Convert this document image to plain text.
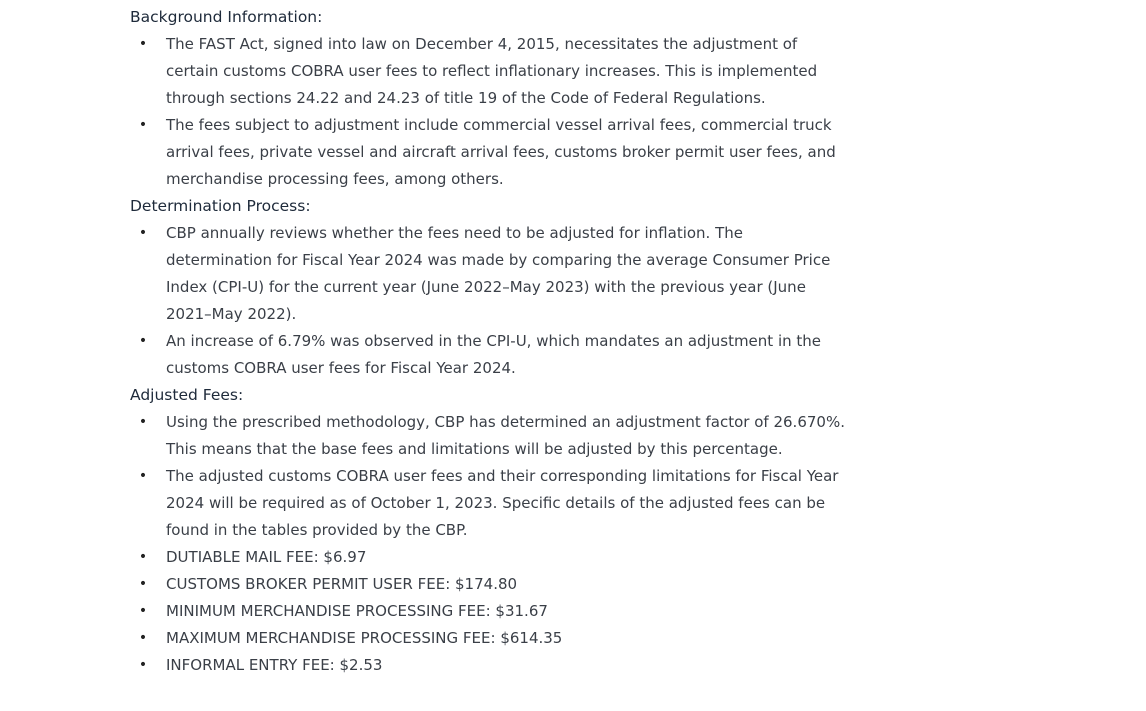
Background Information:
• The FAST Act, signed into law on December 4, 2015, necessitates the adjustment of certain customs COBRA user fees to reflect inflationary increases. This is implemented through sections 24.22 and 24.23 of title 19 of the Code of Federal Regulations.
• The fees subject to adjustment include commercial vessel arrival fees, commercial truck arrival fees, private vessel and aircraft arrival fees, customs broker permit user fees, and merchandise processing fees, among others.
Determination Process:
• CBP annually reviews whether the fees need to be adjusted for inflation. The determination for Fiscal Year 2024 was made by comparing the average Consumer Price Index (CPI-U) for the current year (June 2022–May 2023) with the previous year (June 2021–May 2022).
• An increase of 6.79% was observed in the CPI-U, which mandates an adjustment in the customs COBRA user fees for Fiscal Year 2024.
Adjusted Fees:
• Using the prescribed methodology, CBP has determined an adjustment factor of 26.670%. This means that the base fees and limitations will be adjusted by this percentage.
• The adjusted customs COBRA user fees and their corresponding limitations for Fiscal Year 2024 will be required as of October 1, 2023. Specific details of the adjusted fees can be found in the tables provided by the CBP.
• DUTIABLE MAIL FEE: $6.97
• CUSTOMS BROKER PERMIT USER FEE: $174.80
• MINIMUM MERCHANDISE PROCESSING FEE: $31.67
• MAXIMUM MERCHANDISE PROCESSING FEE: $614.35
• INFORMAL ENTRY FEE: $2.53
